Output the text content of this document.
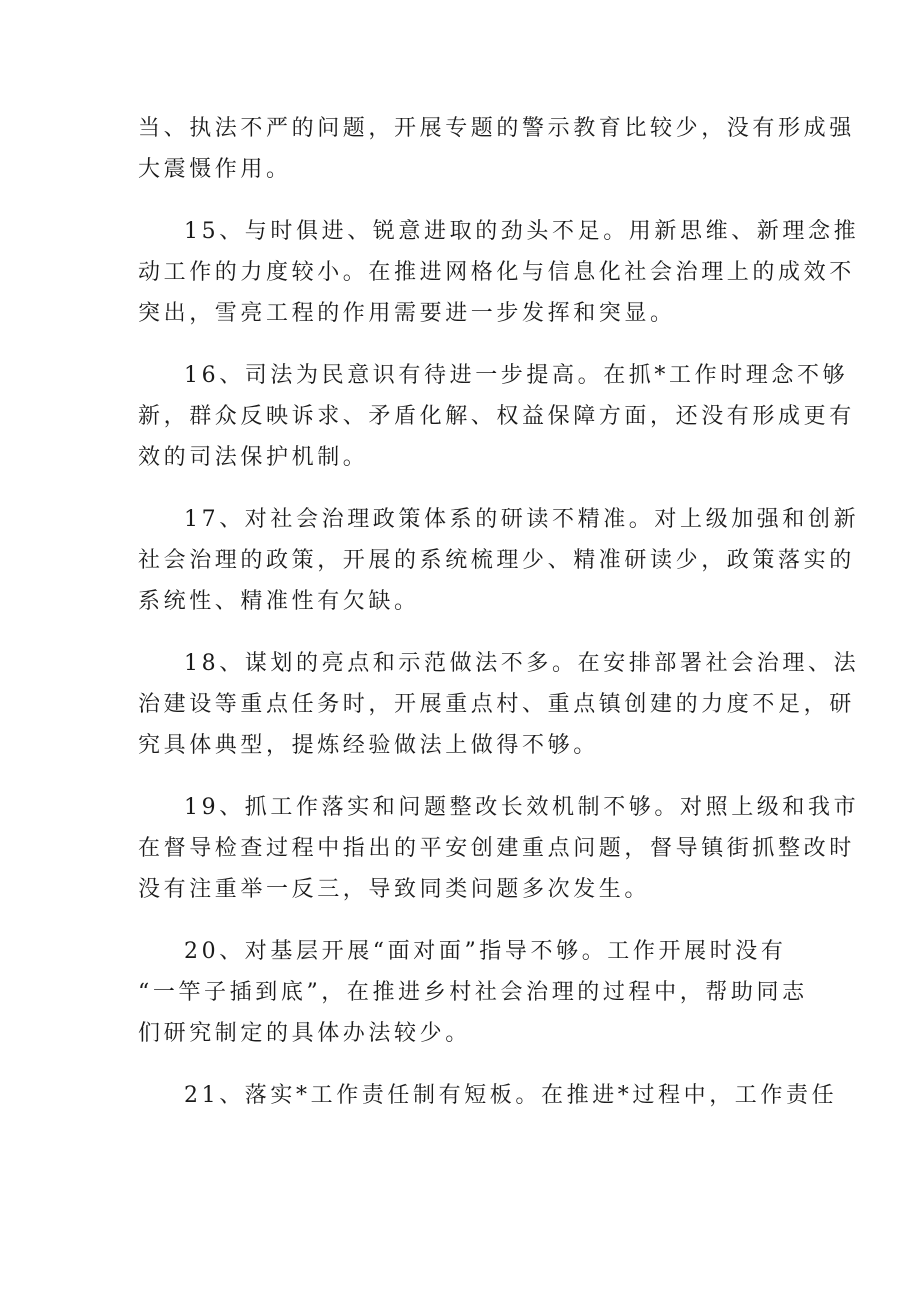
当、执法不严的问题，开展专题的警示教育比较少，没有形成强
大震慑作用。
15、与时俱进、锐意进取的劲头不足。用新思维、新理念推
动工作的力度较小。在推进网格化与信息化社会治理上的成效不
突出，雪亮工程的作用需要进一步发挥和突显。
16、司法为民意识有待进一步提高。在抓*工作时理念不够
新，群众反映诉求、矛盾化解、权益保障方面，还没有形成更有
效的司法保护机制。
17、对社会治理政策体系的研读不精准。对上级加强和创新
社会治理的政策，开展的系统梳理少、精准研读少，政策落实的
系统性、精准性有欠缺。
18、谋划的亮点和示范做法不多。在安排部署社会治理、法
治建设等重点任务时，开展重点村、重点镇创建的力度不足，研
究具体典型，提炼经验做法上做得不够。
19、抓工作落实和问题整改长效机制不够。对照上级和我市
在督导检查过程中指出的平安创建重点问题，督导镇街抓整改时
没有注重举一反三，导致同类问题多次发生。
20、对基层开展“面对面”指导不够。工作开展时没有
“一竿子插到底”，在推进乡村社会治理的过程中，帮助同志
们研究制定的具体办法较少。
21、落实*工作责任制有短板。在推进*过程中，工作责任
